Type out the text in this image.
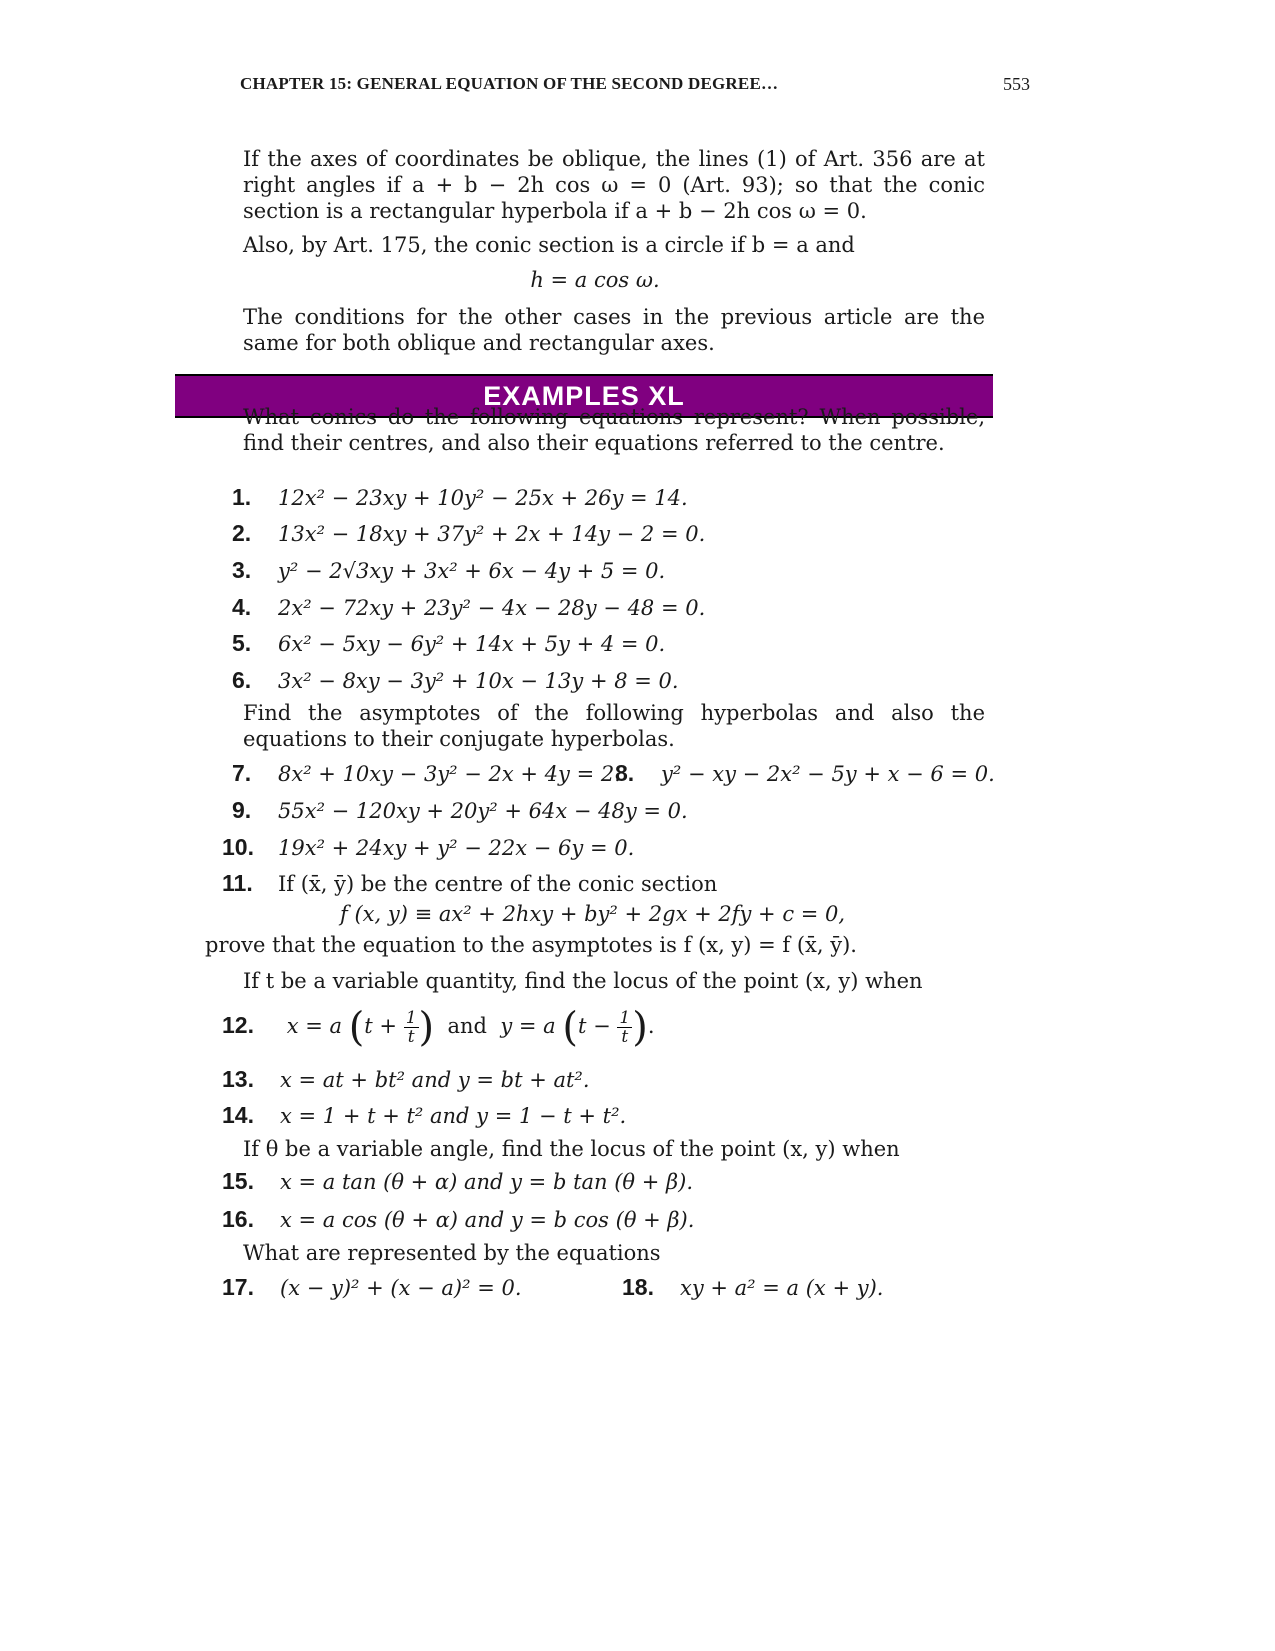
CHAPTER 15: GENERAL EQUATION OF THE SECOND DEGREE…	553
If the axes of coordinates be oblique, the lines (1) of Art. 356 are at right angles if a + b − 2h cos ω = 0 (Art. 93); so that the conic section is a rectangular hyperbola if a + b − 2h cos ω = 0.
Also, by Art. 175, the conic section is a circle if b = a and
h = a cos ω.
The conditions for the other cases in the previous article are the same for both oblique and rectangular axes.
EXAMPLES XL
What conics do the following equations represent? When possible, find their centres, and also their equations referred to the centre.
1. 12x² − 23xy + 10y² − 25x + 26y = 14.
2. 13x² − 18xy + 37y² + 2x + 14y − 2 = 0.
3. y² − 2√3xy + 3x² + 6x − 4y + 5 = 0.
4. 2x² − 72xy + 23y² − 4x − 28y − 48 = 0.
5. 6x² − 5xy − 6y² + 14x + 5y + 4 = 0.
6. 3x² − 8xy − 3y² + 10x − 13y + 8 = 0.
Find the asymptotes of the following hyperbolas and also the equations to their conjugate hyperbolas.
7. 8x² + 10xy − 3y² − 2x + 4y = 2.
8. y² − xy − 2x² − 5y + x − 6 = 0.
9. 55x² − 120xy + 20y² + 64x − 48y = 0.
10. 19x² + 24xy + y² − 22x − 6y = 0.
11. If (x̄, ȳ) be the centre of the conic section
f (x, y) ≡ ax² + 2hxy + by² + 2gx + 2fy + c = 0,
prove that the equation to the asymptotes is f (x, y) = f (x̄, ȳ).
If t be a variable quantity, find the locus of the point (x, y) when
12. x = a ($t + \frac{1}{t}$ ) and y = a ($t - \frac{1}{t}$ ).
13. x = at + bt² and y = bt + at².
14. x = 1 + t + t² and y = 1 − t + t².
If θ be a variable angle, find the locus of the point (x, y) when
15. x = a tan (θ + α) and y = b tan (θ + β).
16. x = a cos (θ + α) and y = b cos (θ + β).
What are represented by the equations
17. (x − y)² + (x − a)² = 0.	18. xy + a² = a (x + y).
